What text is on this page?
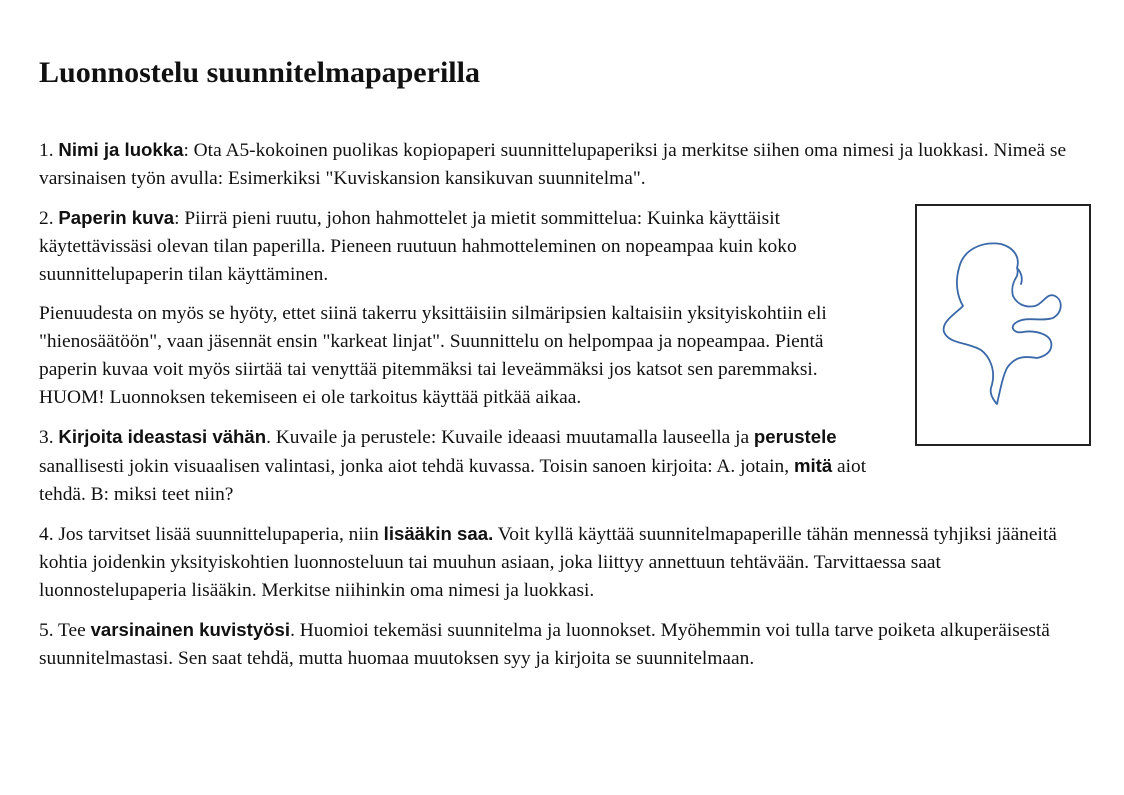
Luonnostelu suunnitelmapaperilla

1. Nimi ja luokka: Ota A5-kokoinen puolikas kopiopaperi suunnittelupaperiksi ja merkitse siihen oma nimesi ja luokkasi. Nimeä se varsinaisen työn avulla: Esimerkiksi "Kuviskansion kansikuvan suunnitelma".

2. Paperin kuva: Piirrä pieni ruutu, johon hahmottelet ja mietit sommittelua: Kuinka käyttäisit käytettävissäsi olevan tilan paperilla. Pieneen ruutuun hahmotteleminen on nopeampaa kuin koko suunnittelupaperin tilan käyttäminen.

Pienuudesta on myös se hyöty, ettet siinä takerru yksittäisiin silmäripsien kaltaisiin yksityiskohtiin eli "hienosäätöön", vaan jäsennät ensin "karkeat linjat". Suunnittelu on helpompaa ja nopeampaa. Pientä paperin kuvaa voit myös siirtää tai venyttää pitemmäksi tai leveämmäksi jos katsot sen paremmaksi.
HUOM! Luonnoksen tekemiseen ei ole tarkoitus käyttää pitkää aikaa.

3. Kirjoita ideastasi vähän. Kuvaile ja perustele: Kuvaile ideaasi muutamalla lauseella ja perustele sanallisesti jokin visuaalisen valintasi, jonka aiot tehdä kuvassa. Toisin sanoen kirjoita: A. jotain, mitä aiot tehdä. B: miksi teet niin?

4. Jos tarvitset lisää suunnittelupaperia, niin lisääkin saa. Voit kyllä käyttää suunnitelmapaperille tähän mennessä tyhjiksi jääneitä kohtia joidenkin yksityiskohtien luonnosteluun tai muuhun asiaan, joka liittyy annettuun tehtävään. Tarvittaessa saat luonnostelupaperia lisääkin. Merkitse niihinkin oma nimesi ja luokkasi.

5. Tee varsinainen kuvistyösi. Huomioi tekemäsi suunnitelma ja luonnokset. Myöhemmin voi tulla tarve poiketa alkuperäisestä suunnitelmastasi. Sen saat tehdä, mutta huomaa muutoksen syy ja kirjoita se suunnitelmaan.
